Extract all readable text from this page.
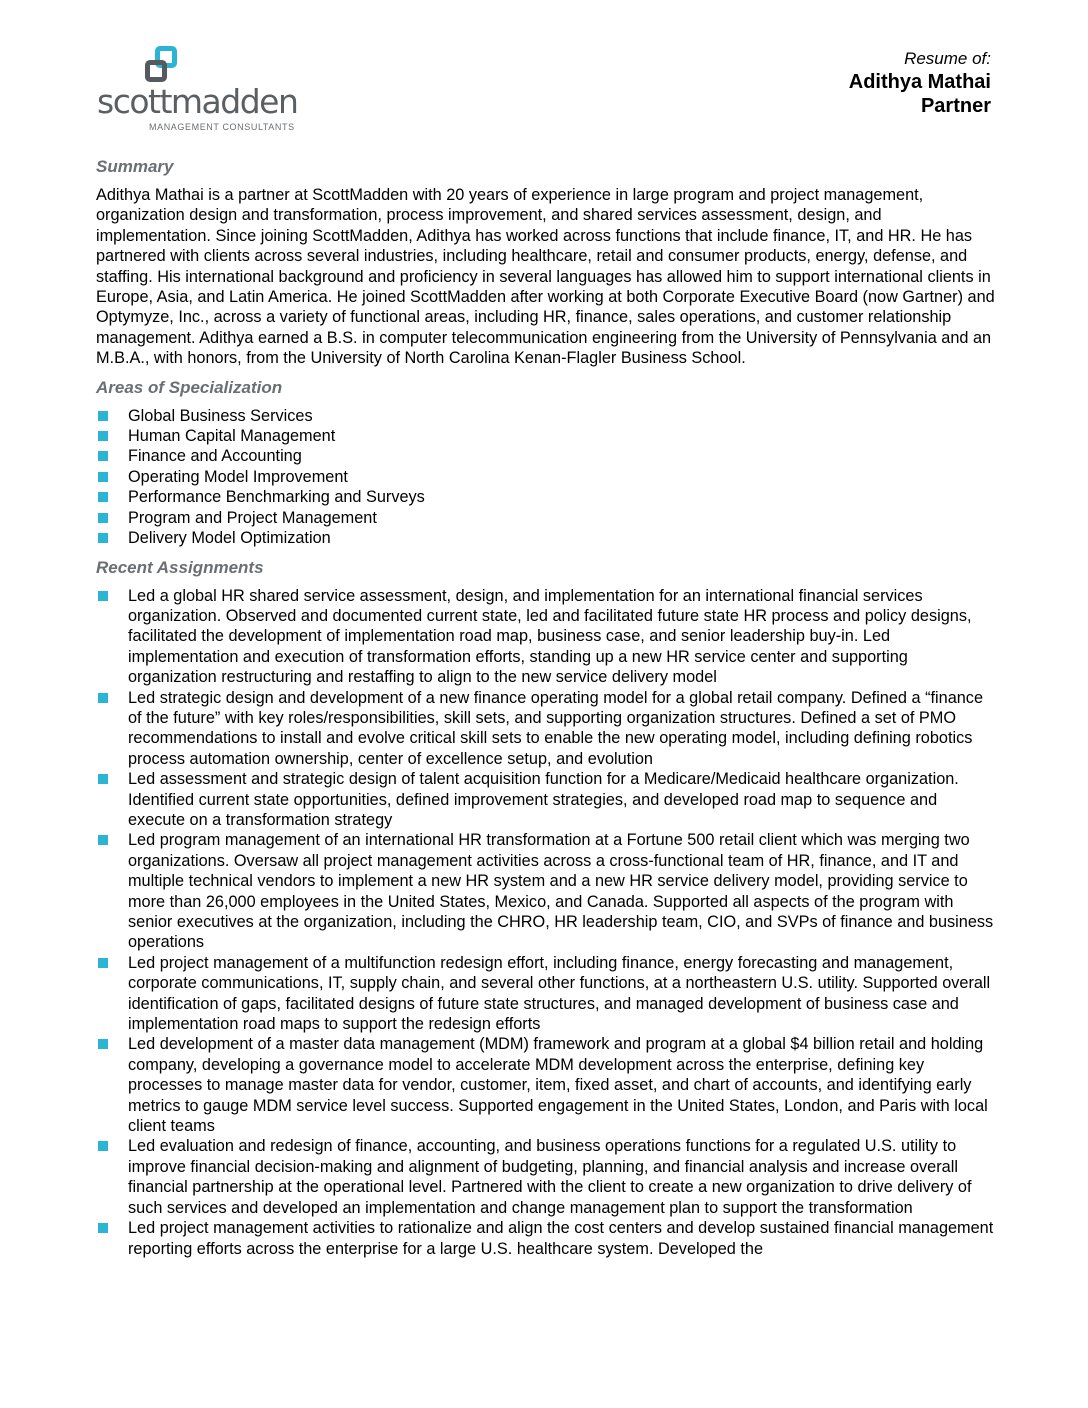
scottmadden
MANAGEMENT CONSULTANTS
Resume of:
Adithya Mathai
Partner
Summary

Adithya Mathai is a partner at ScottMadden with 20 years of experience in large program and project management, organization design and transformation, process improvement, and shared services assessment, design, and implementation. Since joining ScottMadden, Adithya has worked across functions that include finance, IT, and HR. He has partnered with clients across several industries, including healthcare, retail and consumer products, energy, defense, and staffing. His international background and proficiency in several languages has allowed him to support international clients in Europe, Asia, and Latin America. He joined ScottMadden after working at both Corporate Executive Board (now Gartner) and Optymyze, Inc., across a variety of functional areas, including HR, finance, sales operations, and customer relationship management. Adithya earned a B.S. in computer telecommunication engineering from the University of Pennsylvania and an M.B.A., with honors, from the University of North Carolina Kenan-Flagler Business School.

Areas of Specialization
Global Business Services
Human Capital Management
Finance and Accounting
Operating Model Improvement
Performance Benchmarking and Surveys
Program and Project Management
Delivery Model Optimization
Recent Assignments
Led a global HR shared service assessment, design, and implementation for an international financial services organization. Observed and documented current state, led and facilitated future state HR process and policy designs, facilitated the development of implementation road map, business case, and senior leadership buy-in. Led implementation and execution of transformation efforts, standing up a new HR service center and supporting organization restructuring and restaffing to align to the new service delivery model
Led strategic design and development of a new finance operating model for a global retail company. Defined a “finance of the future” with key roles/responsibilities, skill sets, and supporting organization structures. Defined a set of PMO recommendations to install and evolve critical skill sets to enable the new operating model, including defining robotics process automation ownership, center of excellence setup, and evolution
Led assessment and strategic design of talent acquisition function for a Medicare/Medicaid healthcare organization. Identified current state opportunities, defined improvement strategies, and developed road map to sequence and execute on a transformation strategy
Led program management of an international HR transformation at a Fortune 500 retail client which was merging two organizations. Oversaw all project management activities across a cross-functional team of HR, finance, and IT and multiple technical vendors to implement a new HR system and a new HR service delivery model, providing service to more than 26,000 employees in the United States, Mexico, and Canada. Supported all aspects of the program with senior executives at the organization, including the CHRO, HR leadership team, CIO, and SVPs of finance and business operations
Led project management of a multifunction redesign effort, including finance, energy forecasting and management, corporate communications, IT, supply chain, and several other functions, at a northeastern U.S. utility. Supported overall identification of gaps, facilitated designs of future state structures, and managed development of business case and implementation road maps to support the redesign efforts
Led development of a master data management (MDM) framework and program at a global $4 billion retail and holding company, developing a governance model to accelerate MDM development across the enterprise, defining key processes to manage master data for vendor, customer, item, fixed asset, and chart of accounts, and identifying early metrics to gauge MDM service level success. Supported engagement in the United States, London, and Paris with local client teams
Led evaluation and redesign of finance, accounting, and business operations functions for a regulated U.S. utility to improve financial decision-making and alignment of budgeting, planning, and financial analysis and increase overall financial partnership at the operational level. Partnered with the client to create a new organization to drive delivery of such services and developed an implementation and change management plan to support the transformation
Led project management activities to rationalize and align the cost centers and develop sustained financial management reporting efforts across the enterprise for a large U.S. healthcare system. Developed the
